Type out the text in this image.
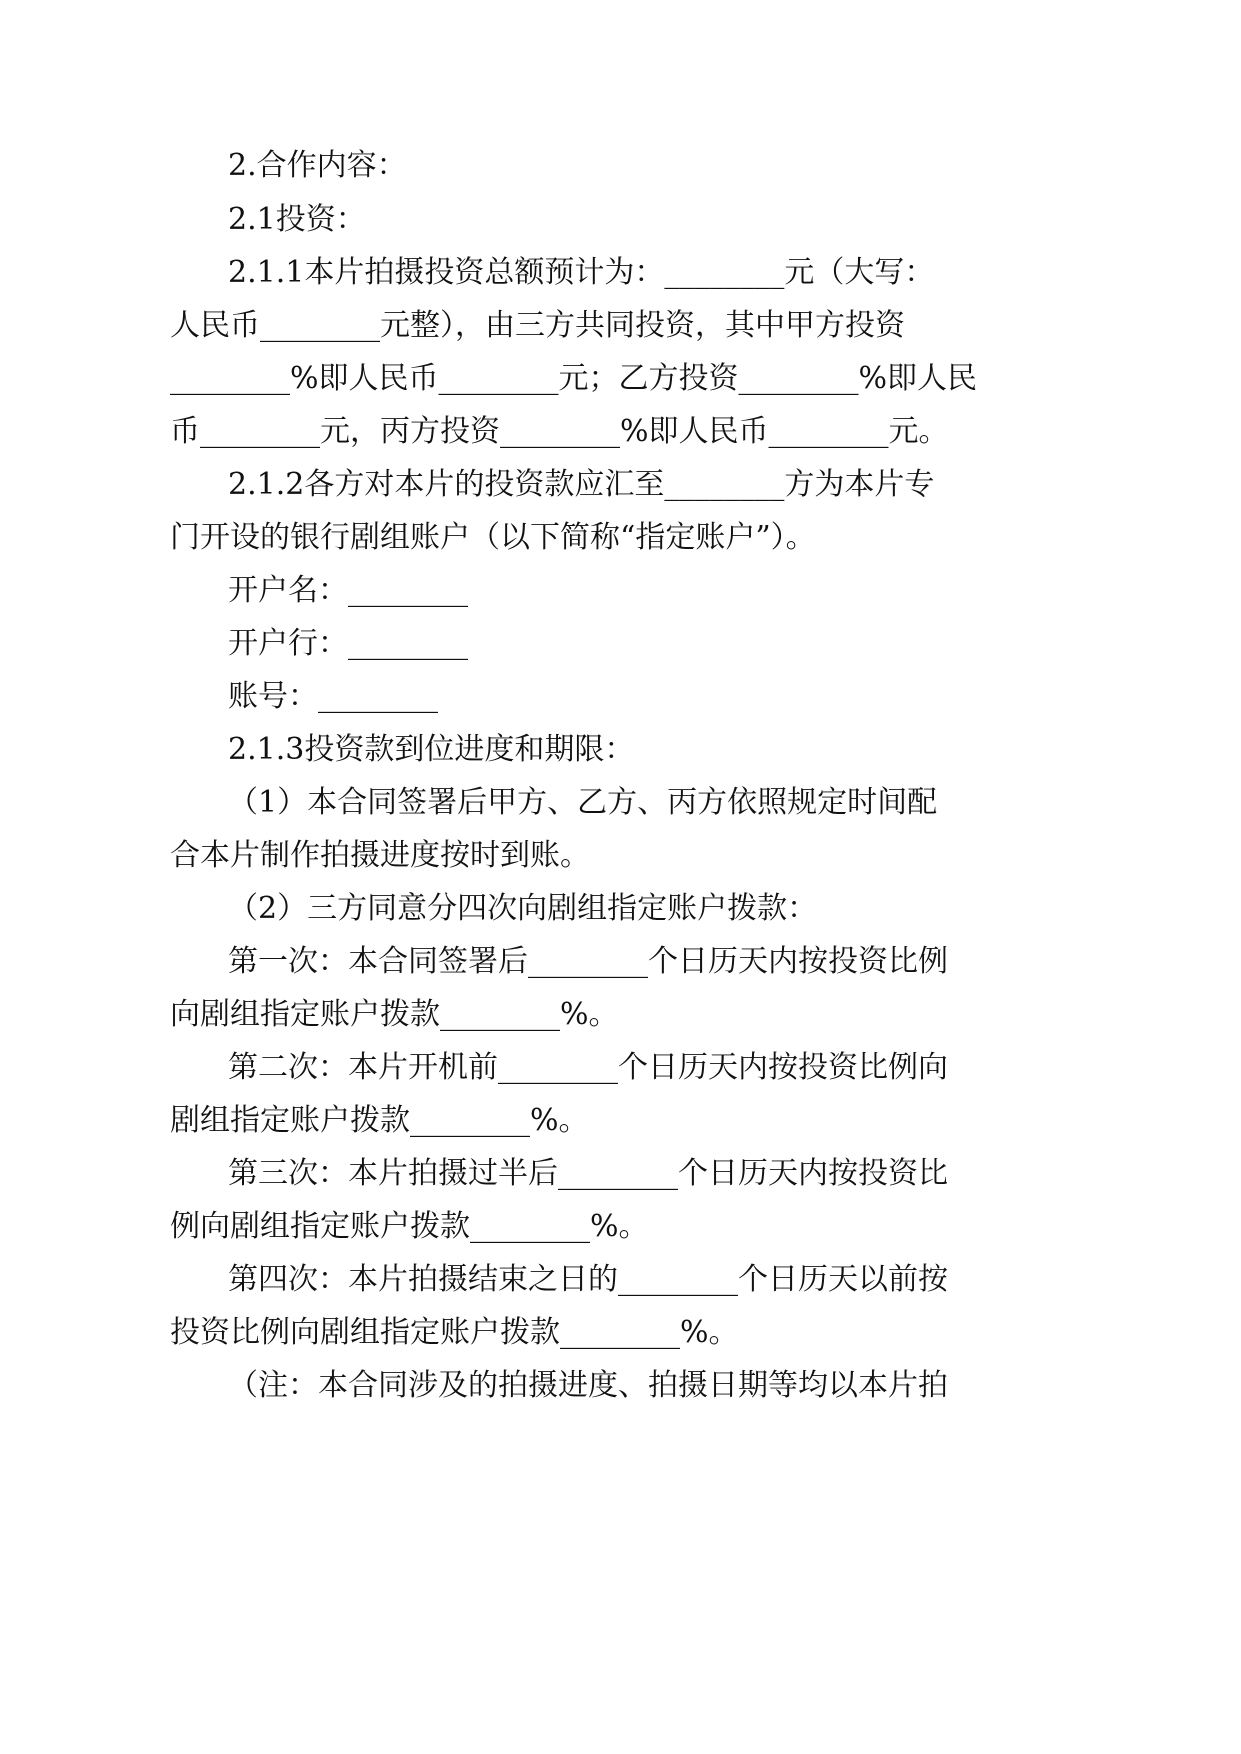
2.合作内容：
2.1投资：
2.1.1本片拍摄投资总额预计为：________元（大写：
人民币________元整），由三方共同投资，其中甲方投资
________%即人民币________元；乙方投资________%即人民
币________元，丙方投资________%即人民币________元。
2.1.2各方对本片的投资款应汇至________方为本片专
门开设的银行剧组账户（以下简称“指定账户”）。
开户名：________
开户行：________
账号：________
2.1.3投资款到位进度和期限：
（1）本合同签署后甲方、乙方、丙方依照规定时间配
合本片制作拍摄进度按时到账。
（2）三方同意分四次向剧组指定账户拨款：
第一次：本合同签署后________个日历天内按投资比例
向剧组指定账户拨款________%。
第二次：本片开机前________个日历天内按投资比例向
剧组指定账户拨款________%。
第三次：本片拍摄过半后________个日历天内按投资比
例向剧组指定账户拨款________%。
第四次：本片拍摄结束之日的________个日历天以前按
投资比例向剧组指定账户拨款________%。
（注：本合同涉及的拍摄进度、拍摄日期等均以本片拍
